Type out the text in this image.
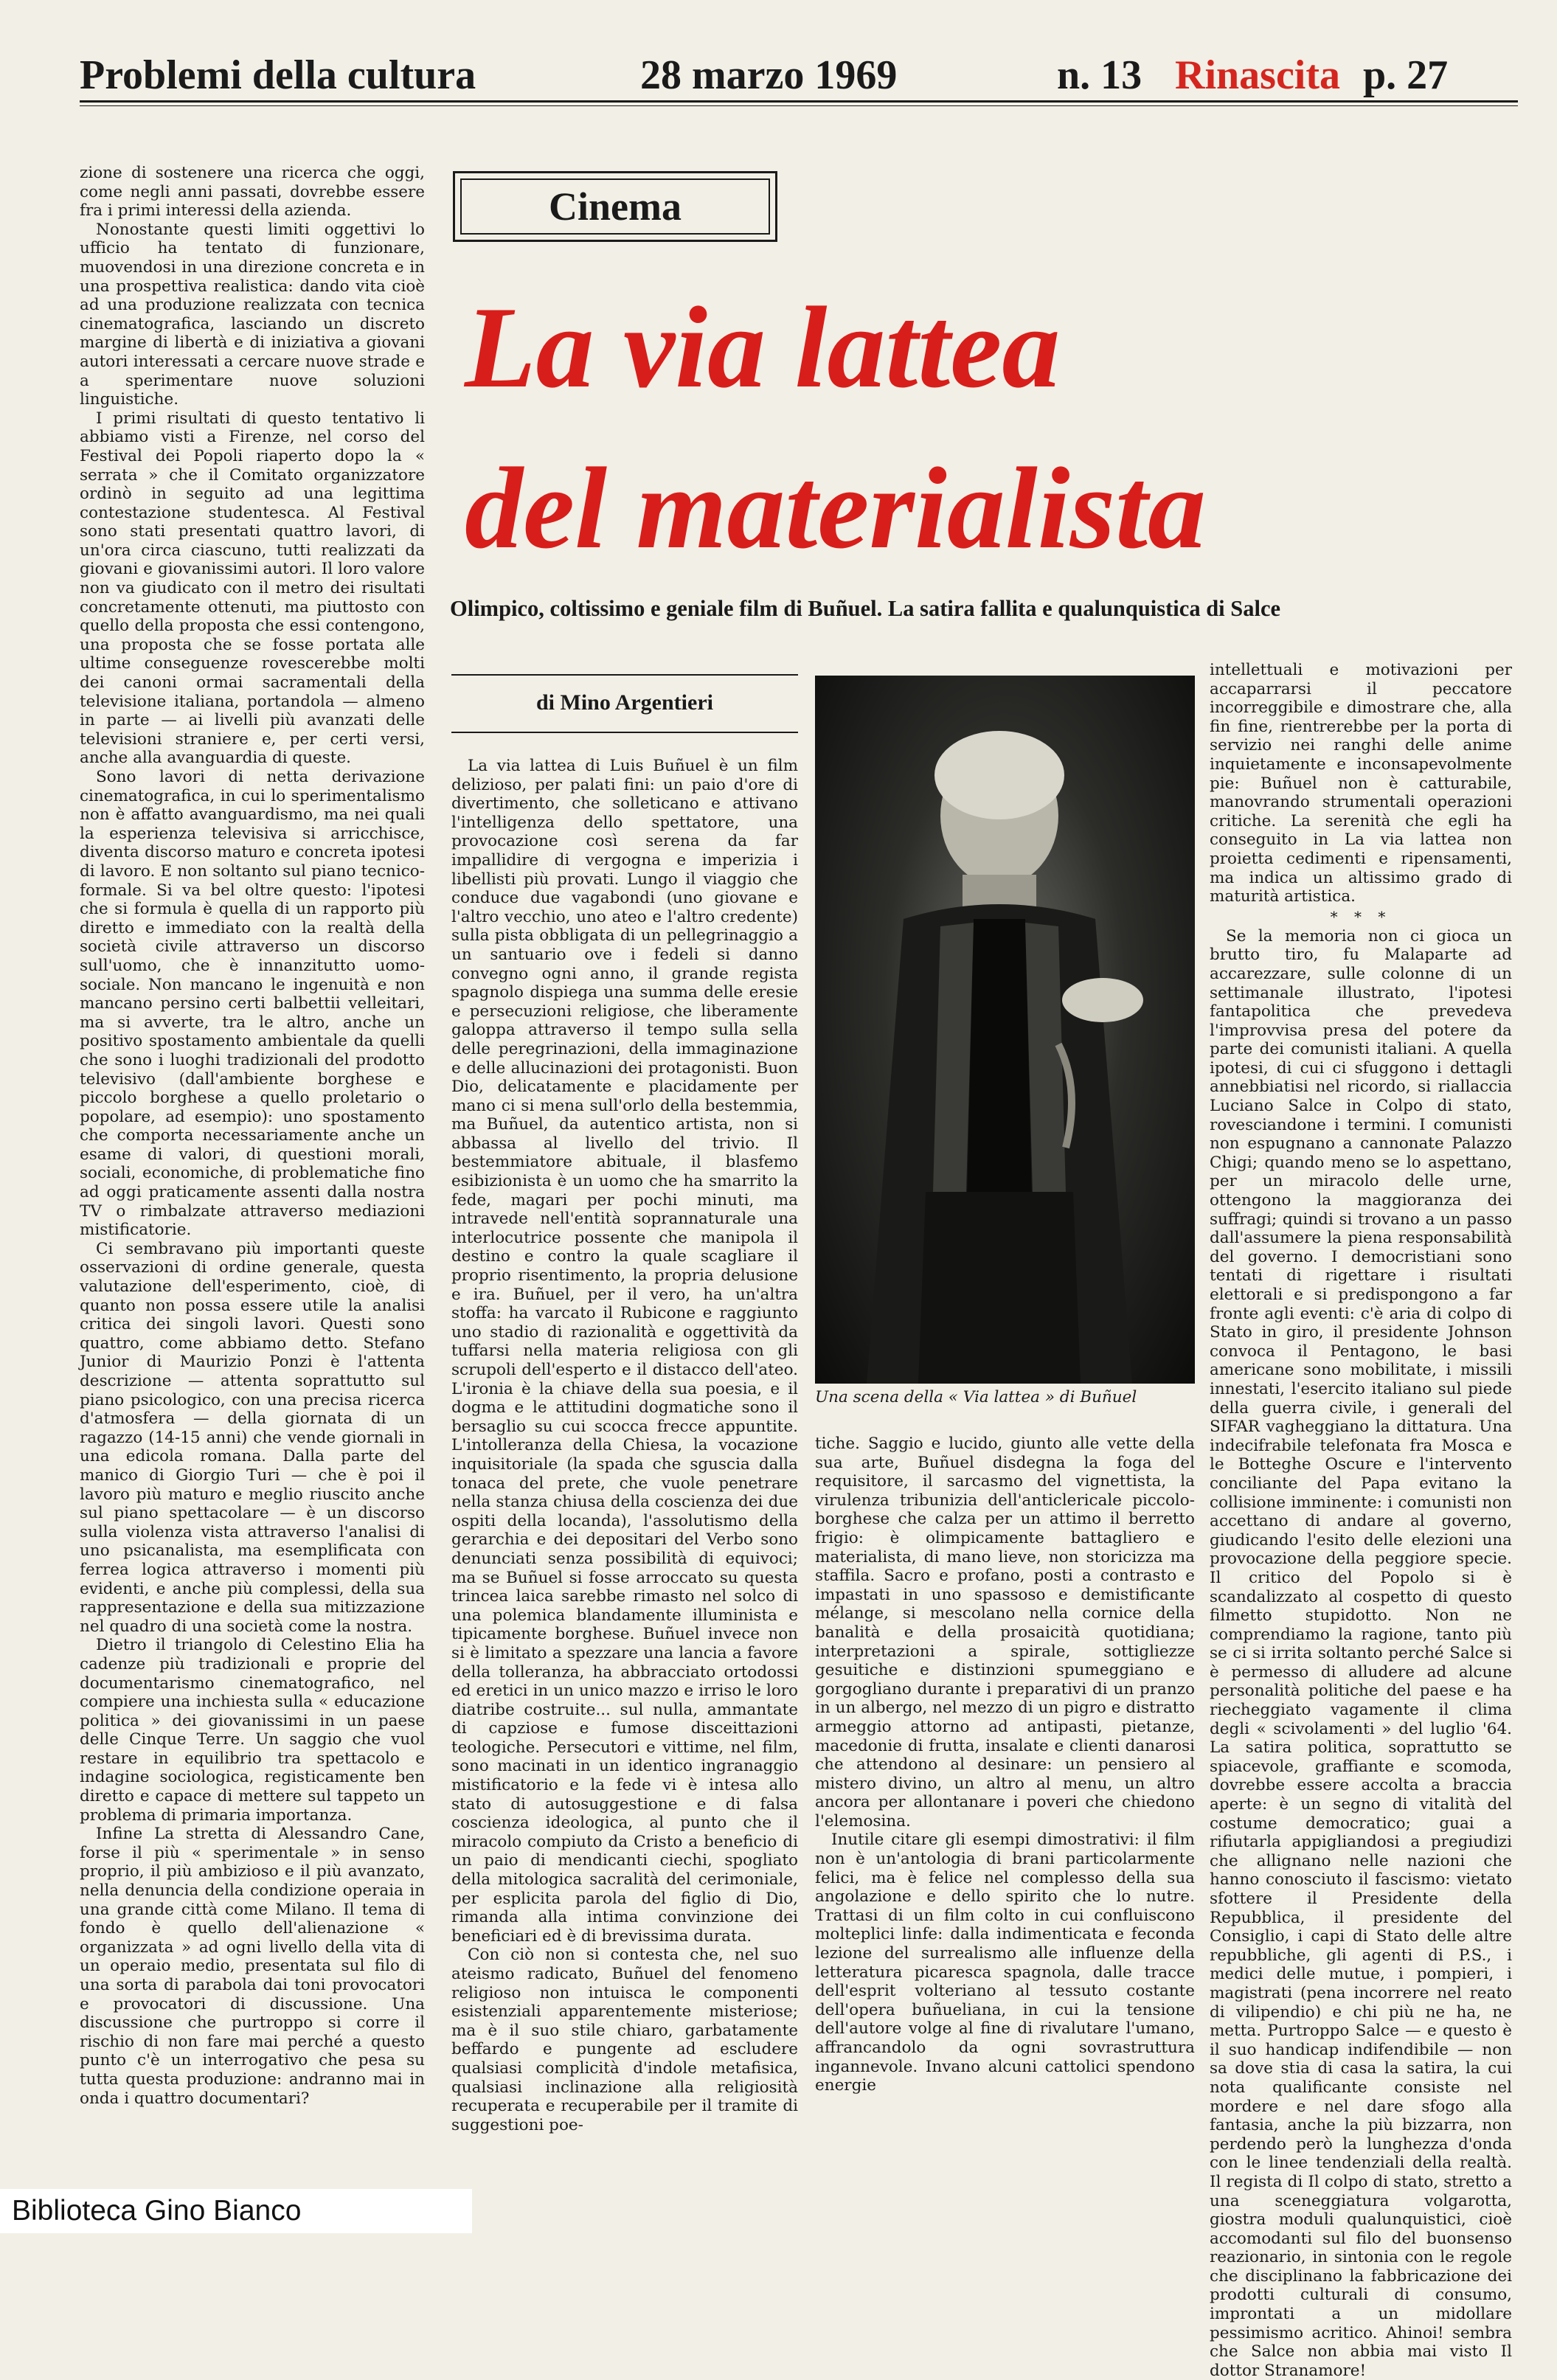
Problemi della cultura	28 marzo 1969	n. 13 Rinascita p. 27

zione di sostenere una ricerca che oggi, come negli anni passati, dovrebbe essere fra i primi interessi della azienda.

Nonostante questi limiti oggettivi lo ufficio ha tentato di funzionare, muovendosi in una direzione concreta e in una prospettiva realistica: dando vita cioè ad una produzione realizzata con tecnica cinematografica, lasciando un discreto margine di libertà e di iniziativa a giovani autori interessati a cercare nuove strade e a sperimentare nuove soluzioni linguistiche.

I primi risultati di questo tentativo li abbiamo visti a Firenze, nel corso del Festival dei Popoli riaperto dopo la « serrata » che il Comitato organizzatore ordinò in seguito ad una legittima contestazione studentesca. Al Festival sono stati presentati quattro lavori, di un'ora circa ciascuno, tutti realizzati da giovani e giovanissimi autori. Il loro valore non va giudicato con il metro dei risultati concretamente ottenuti, ma piuttosto con quello della proposta che essi contengono, una proposta che se fosse portata alle ultime conseguenze rovescerebbe molti dei canoni ormai sacramentali della televisione italiana, portandola — almeno in parte — ai livelli più avanzati delle televisioni straniere e, per certi versi, anche alla avanguardia di queste.

Sono lavori di netta derivazione cinematografica, in cui lo sperimentalismo non è affatto avanguardismo, ma nei quali la esperienza televisiva si arricchisce, diventa discorso maturo e concreta ipotesi di lavoro. E non soltanto sul piano tecnico-formale. Si va bel oltre questo: l'ipotesi che si formula è quella di un rapporto più diretto e immediato con la realtà della società civile attraverso un discorso sull'uomo, che è innanzitutto uomo-sociale. Non mancano le ingenuità e non mancano persino certi balbettii velleitari, ma si avverte, tra le altro, anche un positivo spostamento ambientale da quelli che sono i luoghi tradizionali del prodotto televisivo (dall'ambiente borghese e piccolo borghese a quello proletario o popolare, ad esempio): uno spostamento che comporta necessariamente anche un esame di valori, di questioni morali, sociali, economiche, di problematiche fino ad oggi praticamente assenti dalla nostra TV o rimbalzate attraverso mediazioni mistificatorie.

Ci sembravano più importanti queste osservazioni di ordine generale, questa valutazione dell'esperimento, cioè, di quanto non possa essere utile la analisi critica dei singoli lavori. Questi sono quattro, come abbiamo detto. Stefano Junior di Maurizio Ponzi è l'attenta descrizione — attenta soprattutto sul piano psicologico, con una precisa ricerca d'atmosfera — della giornata di un ragazzo (14-15 anni) che vende giornali in una edicola romana. Dalla parte del manico di Giorgio Turi — che è poi il lavoro più maturo e meglio riuscito anche sul piano spettacolare — è un discorso sulla violenza vista attraverso l'analisi di uno psicanalista, ma esemplificata con ferrea logica attraverso i momenti più evidenti, e anche più complessi, della sua rappresentazione e della sua mitizzazione nel quadro di una società come la nostra.

Dietro il triangolo di Celestino Elia ha cadenze più tradizionali e proprie del documentarismo cinematografico, nel compiere una inchiesta sulla « educazione politica » dei giovanissimi in un paese delle Cinque Terre. Un saggio che vuol restare in equilibrio tra spettacolo e indagine sociologica, registicamente ben diretto e capace di mettere sul tappeto un problema di primaria importanza.

Infine La stretta di Alessandro Cane, forse il più « sperimentale » in senso proprio, il più ambizioso e il più avanzato, nella denuncia della condizione operaia in una grande città come Milano. Il tema di fondo è quello dell'alienazione « organizzata » ad ogni livello della vita di un operaio medio, presentata sul filo di una sorta di parabola dai toni provocatori e provocatori di discussione. Una discussione che purtroppo si corre il rischio di non fare mai perché a questo punto c'è un interrogativo che pesa su tutta questa produzione: andranno mai in onda i quattro documentari?

Cinema
La via lattea
del materialista
Olimpico, coltissimo e geniale film di Buñuel. La satira fallita e qualunquistica di Salce
di Mino Argentieri

La via lattea di Luis Buñuel è un film delizioso, per palati fini: un paio d'ore di divertimento, che solleticano e attivano l'intelligenza dello spettatore, una provocazione così serena da far impallidire di vergogna e imperizia i libellisti più provati. Lungo il viaggio che conduce due vagabondi (uno giovane e l'altro vecchio, uno ateo e l'altro credente) sulla pista obbligata di un pellegrinaggio a un santuario ove i fedeli si danno convegno ogni anno, il grande regista spagnolo dispiega una summa delle eresie e persecuzioni religiose, che liberamente galoppa attraverso il tempo sulla sella delle peregrinazioni, della immaginazione e delle allucinazioni dei protagonisti. Buon Dio, delicatamente e placidamente per mano ci si mena sull'orlo della bestemmia, ma Buñuel, da autentico artista, non si abbassa al livello del trivio. Il bestemmiatore abituale, il blasfemo esibizionista è un uomo che ha smarrito la fede, magari per pochi minuti, ma intravede nell'entità soprannaturale una interlocutrice possente che manipola il destino e contro la quale scagliare il proprio risentimento, la propria delusione e ira. Buñuel, per il vero, ha un'altra stoffa: ha varcato il Rubicone e raggiunto uno stadio di razionalità e oggettività da tuffarsi nella materia religiosa con gli scrupoli dell'esperto e il distacco dell'ateo. L'ironia è la chiave della sua poesia, e il dogma e le attitudini dogmatiche sono il bersaglio su cui scocca frecce appuntite. L'intolleranza della Chiesa, la vocazione inquisitoriale (la spada che sguscia dalla tonaca del prete, che vuole penetrare nella stanza chiusa della coscienza dei due ospiti della locanda), l'assolutismo della gerarchia e dei depositari del Verbo sono denunciati senza possibilità di equivoci; ma se Buñuel si fosse arroccato su questa trincea laica sarebbe rimasto nel solco di una polemica blandamente illuminista e tipicamente borghese. Buñuel invece non si è limitato a spezzare una lancia a favore della tolleranza, ha abbracciato ortodossi ed eretici in un unico mazzo e irriso le loro diatribe costruite... sul nulla, ammantate di capziose e fumose disceittazioni teologiche. Persecutori e vittime, nel film, sono macinati in un identico ingranaggio mistificatorio e la fede vi è intesa allo stato di autosuggestione e di falsa coscienza ideologica, al punto che il miracolo compiuto da Cristo a beneficio di un paio di mendicanti ciechi, spogliato della mitologica sacralità del cerimoniale, per esplicita parola del figlio di Dio, rimanda alla intima convinzione dei beneficiari ed è di brevissima durata.

Con ciò non si contesta che, nel suo ateismo radicato, Buñuel del fenomeno religioso non intuisca le componenti esistenziali apparentemente misteriose; ma è il suo stile chiaro, garbatamente beffardo e pungente ad escludere qualsiasi complicità d'indole metafisica, qualsiasi inclinazione alla religiosità recuperata e recuperabile per il tramite di suggestioni poe-

Una scena della « Via lattea » di Buñuel

tiche. Saggio e lucido, giunto alle vette della sua arte, Buñuel disdegna la foga del requisitore, il sarcasmo del vignettista, la virulenza tribunizia dell'anticlericale piccolo-borghese che calza per un attimo il berretto frigio: è olimpicamente battagliero e materialista, di mano lieve, non storicizza ma staffila. Sacro e profano, posti a contrasto e impastati in uno spassoso e demistificante mélange, si mescolano nella cornice della banalità e della prosaicità quotidiana; interpretazioni a spirale, sottigliezze gesuitiche e distinzioni spumeggiano e gorgogliano durante i preparativi di un pranzo in un albergo, nel mezzo di un pigro e distratto armeggio attorno ad antipasti, pietanze, macedonie di frutta, insalate e clienti danarosi che attendono al desinare: un pensiero al mistero divino, un altro al menu, un altro ancora per allontanare i poveri che chiedono l'elemosina.

Inutile citare gli esempi dimostrativi: il film non è un'antologia di brani particolarmente felici, ma è felice nel complesso della sua angolazione e dello spirito che lo nutre. Trattasi di un film colto in cui confluiscono molteplici linfe: dalla indimenticata e feconda lezione del surrealismo alle influenze della letteratura picaresca spagnola, dalle tracce dell'esprit volteriano al tessuto costante dell'opera buñueliana, in cui la tensione dell'autore volge al fine di rivalutare l'umano, affrancandolo da ogni sovrastruttura ingannevole. Invano alcuni cattolici spendono energie

intellettuali e motivazioni per accaparrarsi il peccatore incorreggibile e dimostrare che, alla fin fine, rientrerebbe per la porta di servizio nei ranghi delle anime inquietamente e inconsapevolmente pie: Buñuel non è catturabile, manovrando strumentali operazioni critiche. La serenità che egli ha conseguito in La via lattea non proietta cedimenti e ripensamenti, ma indica un altissimo grado di maturità artistica.

* * *

Se la memoria non ci gioca un brutto tiro, fu Malaparte ad accarezzare, sulle colonne di un settimanale illustrato, l'ipotesi fantapolitica che prevedeva l'improvvisa presa del potere da parte dei comunisti italiani. A quella ipotesi, di cui ci sfuggono i dettagli annebbiatisi nel ricordo, si riallaccia Luciano Salce in Colpo di stato, rovesciandone i termini. I comunisti non espugnano a cannonate Palazzo Chigi; quando meno se lo aspettano, per un miracolo delle urne, ottengono la maggioranza dei suffragi; quindi si trovano a un passo dall'assumere la piena responsabilità del governo. I democristiani sono tentati di rigettare i risultati elettorali e si predispongono a far fronte agli eventi: c'è aria di colpo di Stato in giro, il presidente Johnson convoca il Pentagono, le basi americane sono mobilitate, i missili innestati, l'esercito italiano sul piede della guerra civile, i generali del SIFAR vagheggiano la dittatura. Una indecifrabile telefonata fra Mosca e le Botteghe Oscure e l'intervento conciliante del Papa evitano la collisione imminente: i comunisti non accettano di andare al governo, giudicando l'esito delle elezioni una provocazione della peggiore specie. Il critico del Popolo si è scandalizzato al cospetto di questo filmetto stupidotto. Non ne comprendiamo la ragione, tanto più se ci si irrita soltanto perché Salce si è permesso di alludere ad alcune personalità politiche del paese e ha riecheggiato vagamente il clima degli « scivolamenti » del luglio '64. La satira politica, soprattutto se spiacevole, graffiante e scomoda, dovrebbe essere accolta a braccia aperte: è un segno di vitalità del costume democratico; guai a rifiutarla appigliandosi a pregiudizi che allignano nelle nazioni che hanno conosciuto il fascismo: vietato sfottere il Presidente della Repubblica, il presidente del Consiglio, i capi di Stato delle altre repubbliche, gli agenti di P.S., i medici delle mutue, i pompieri, i magistrati (pena incorrere nel reato di vilipendio) e chi più ne ha, ne metta. Purtroppo Salce — e questo è il suo handicap indifendibile — non sa dove stia di casa la satira, la cui nota qualificante consiste nel mordere e nel dare sfogo alla fantasia, anche la più bizzarra, non perdendo però la lunghezza d'onda con le linee tendenziali della realtà. Il regista di Il colpo di stato, stretto a una sceneggiatura volgarotta, giostra moduli qualunquistici, cioè accomodanti sul filo del buonsenso reazionario, in sintonia con le regole che disciplinano la fabbricazione dei prodotti culturali di consumo, improntati a un midollare pessimismo acritico. Ahinoi! sembra che Salce non abbia mai visto Il dottor Stranamore!

Biblioteca Gino Bianco
